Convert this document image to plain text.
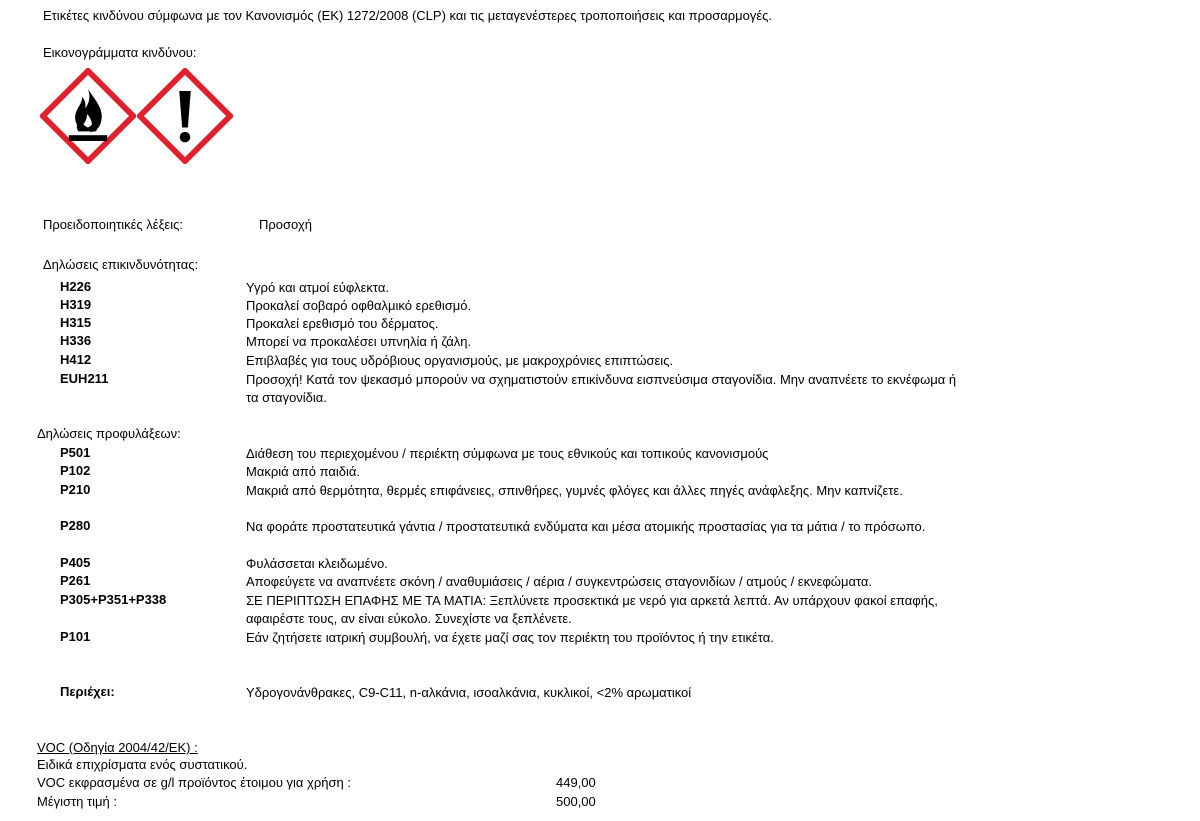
Ετικέτες κινδύνου σύμφωνα με τον Κανονισμός (ΕΚ) 1272/2008 (CLP) και τις μεταγενέστερες τροποποιήσεις και προσαρμογές.
Εικονογράμματα κινδύνου:
Προειδοποιητικές λέξεις:	Προσοχή
Δηλώσεις επικινδυνότητας:
H226	Υγρό και ατμοί εύφλεκτα.
H319	Προκαλεί σοβαρό οφθαλμικό ερεθισμό.
H315	Προκαλεί ερεθισμό του δέρματος.
H336	Μπορεί να προκαλέσει υπνηλία ή ζάλη.
H412	Επιβλαβές για τους υδρόβιους οργανισμούς, με μακροχρόνιες επιπτώσεις.
EUH211	Προσοχή! Κατά τον ψεκασμό μπορούν να σχηματιστούν επικίνδυνα εισπνεύσιμα σταγονίδια. Μην αναπνέετε το εκνέφωμα ή τα σταγονίδια.
Δηλώσεις προφυλάξεων:
P501	Διάθεση του περιεχομένου / περιέκτη σύμφωνα με τους εθνικούς και τοπικούς κανονισμούς
P102	Μακριά από παιδιά.
P210	Μακριά από θερμότητα, θερμές επιφάνειες, σπινθήρες, γυμνές φλόγες και άλλες πηγές ανάφλεξης. Μην καπνίζετε.
P280	Να φοράτε προστατευτικά γάντια / προστατευτικά ενδύματα και μέσα ατομικής προστασίας για τα μάτια / το πρόσωπο.
P405	Φυλάσσεται κλειδωμένο.
P261	Αποφεύγετε να αναπνέετε σκόνη / αναθυμιάσεις / αέρια / συγκεντρώσεις σταγονιδίων / ατμούς / εκνεφώματα.
P305+P351+P338	ΣΕ ΠΕΡΙΠΤΩΣΗ ΕΠΑΦΗΣ ΜΕ ΤΑ ΜΑΤΙΑ: Ξεπλύνετε προσεκτικά με νερό για αρκετά λεπτά. Αν υπάρχουν φακοί επαφής, αφαιρέστε τους, αν είναι εύκολο. Συνεχίστε να ξεπλένετε.
P101	Εάν ζητήσετε ιατρική συμβουλή, να έχετε μαζί σας τον περιέκτη του προϊόντος ή την ετικέτα.
Περιέχει:	Υδρογονάνθρακες, C9-C11, n-αλκάνια, ισοαλκάνια, κυκλικοί, <2% αρωματικοί
VOC (Οδηγία 2004/42/ΕΚ) :
Ειδικά επιχρίσματα ενός συστατικού.
VOC εκφρασμένα σε g/l προϊόντος έτοιμου για χρήση :	449,00
Μέγιστη τιμή :	500,00
